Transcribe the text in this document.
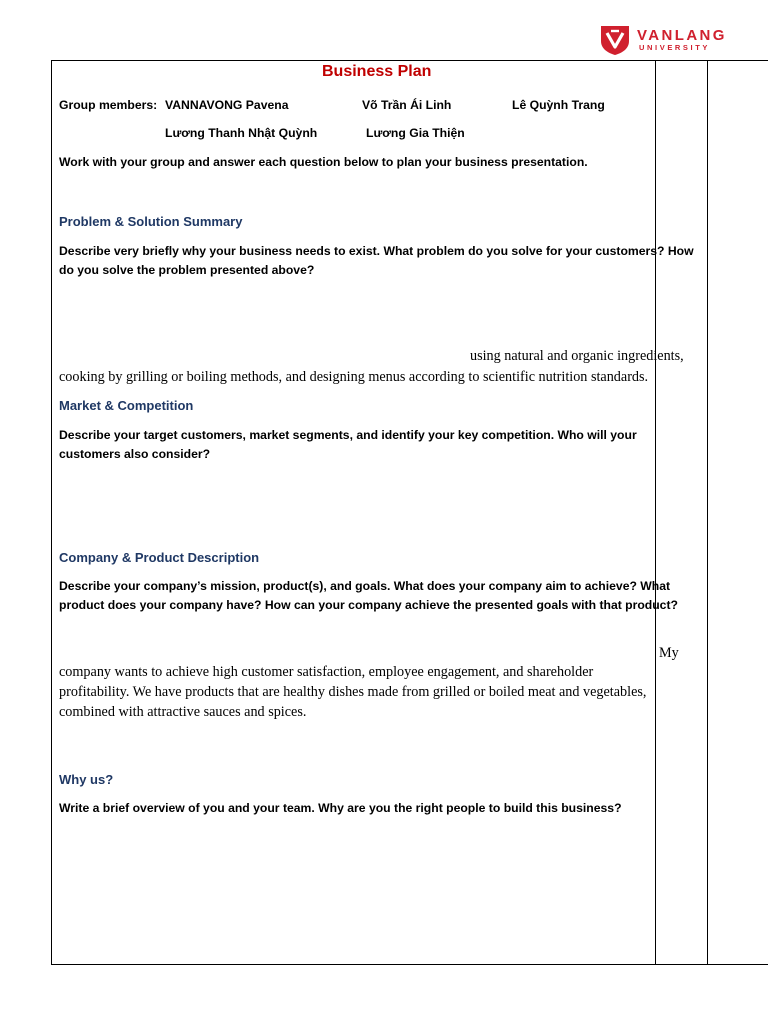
VANLANG
UNIVERSITY
Business Plan
Group members: VANNAVONG Pavena	Võ Trần Ái Linh	Lê Quỳnh Trang
Lương Thanh Nhật Quỳnh	Lương Gia Thiện
Work with your group and answer each question below to plan your business presentation.
Problem & Solution Summary
Describe very briefly why your business needs to exist. What problem do you solve for your customers? How
do you solve the problem presented above?
using natural and organic ingredients,
cooking by grilling or boiling methods, and designing menus according to scientific nutrition standards.
Market & Competition
Describe your target customers, market segments, and identify your key competition. Who will your
customers also consider?
Company & Product Description
Describe your company’s mission, product(s), and goals. What does your company aim to achieve? What
product does your company have? How can your company achieve the presented goals with that product?
My
company wants to achieve high customer satisfaction, employee engagement, and shareholder
profitability. We have products that are healthy dishes made from grilled or boiled meat and vegetables,
combined with attractive sauces and spices.
Why us?
Write a brief overview of you and your team. Why are you the right people to build this business?
